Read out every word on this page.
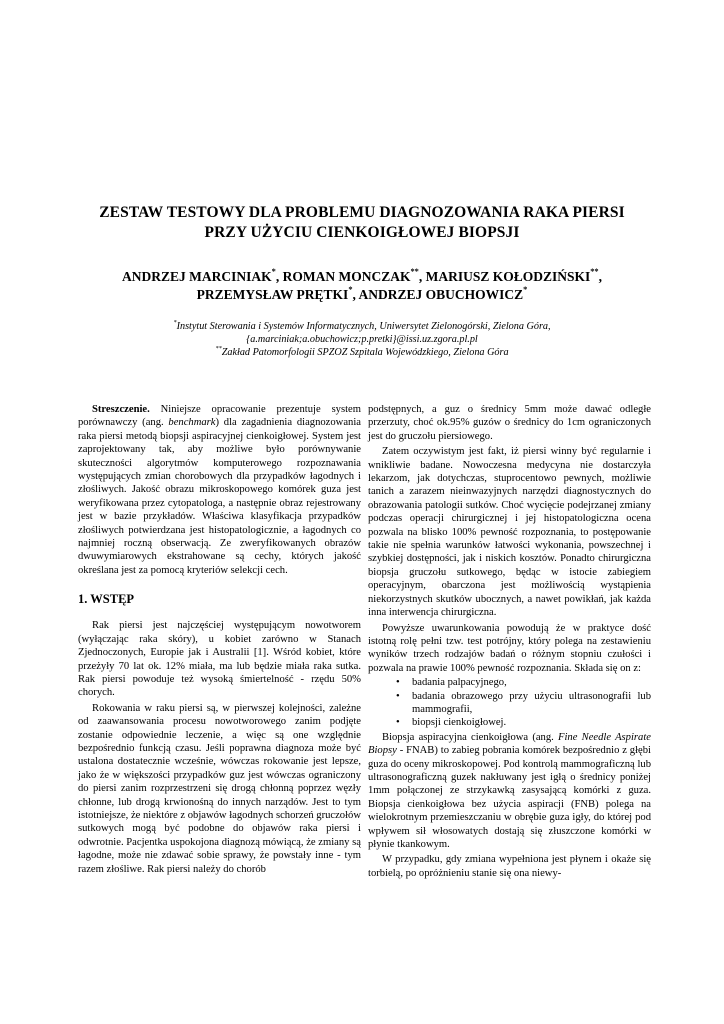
ZESTAW TESTOWY DLA PROBLEMU DIAGNOZOWANIA RAKA PIERSI
PRZY UŻYCIU CIENKOIGŁOWEJ BIOPSJI
ANDRZEJ MARCINIAK*, ROMAN MONCZAK**, MARIUSZ KOŁODZIŃSKI**,
PRZEMYSŁAW PRĘTKI*, ANDRZEJ OBUCHOWICZ*
*Instytut Sterowania i Systemów Informatycznych, Uniwersytet Zielonogórski, Zielona Góra,
{a.marciniak;a.obuchowicz;p.pretki}@issi.uz.zgora.pl.pl
**Zakład Patomorfologii SPZOZ Szpitala Wojewódzkiego, Zielona Góra

Streszczenie. Niniejsze opracowanie prezentuje system porównawczy (ang. benchmark) dla zagadnienia diagnozowania raka piersi metodą biopsji aspiracyjnej cienkoigłowej. System jest zaprojektowany tak, aby możliwe było porównywanie skuteczności algorytmów komputerowego rozpoznawania występujących zmian chorobowych dla przypadków łagodnych i złośliwych. Jakość obrazu mikroskopowego komórek guza jest weryfikowana przez cytopatologa, a następnie obraz rejestrowany jest w bazie przykładów. Właściwa klasyfikacja przypadków złośliwych potwierdzana jest histopatologicznie, a łagodnych co najmniej roczną obserwacją. Ze zweryfikowanych obrazów dwuwymiarowych ekstrahowane są cechy, których jakość określana jest za pomocą kryteriów selekcji cech.

1. WSTĘP

Rak piersi jest najczęściej występującym nowotworem (wyłączając raka skóry), u kobiet zarówno w Stanach Zjednoczonych, Europie jak i Australii [1]. Wśród kobiet, które przeżyły 70 lat ok. 12% miała, ma lub będzie miała raka sutka. Rak piersi powoduje też wysoką śmiertelność - rzędu 50% chorych.

Rokowania w raku piersi są, w pierwszej kolejności, zależne od zaawansowania procesu nowotworowego zanim podjęte zostanie odpowiednie leczenie, a więc są one względnie bezpośrednio funkcją czasu. Jeśli poprawna diagnoza może być ustalona dostatecznie wcześnie, wówczas rokowanie jest lepsze, jako że w większości przypadków guz jest wówczas ograniczony do piersi zanim rozprzestrzeni się drogą chłonną poprzez węzły chłonne, lub drogą krwionośną do innych narządów. Jest to tym istotniejsze, że niektóre z objawów łagodnych schorzeń gruczołów sutkowych mogą być podobne do objawów raka piersi i odwrotnie. Pacjentka uspokojona diagnozą mówiącą, że zmiany są łagodne, może nie zdawać sobie sprawy, że powstały inne - tym razem złośliwe. Rak piersi należy do chorób

podstępnych, a guz o średnicy 5mm może dawać odległe przerzuty, choć ok.95% guzów o średnicy do 1cm ograniczonych jest do gruczołu piersiowego.

Zatem oczywistym jest fakt, iż piersi winny być regularnie i wnikliwie badane. Nowoczesna medycyna nie dostarczyła lekarzom, jak dotychczas, stuprocentowo pewnych, możliwie tanich a zarazem nieinwazyjnych narzędzi diagnostycznych do obrazowania patologii sutków. Choć wycięcie podejrzanej zmiany podczas operacji chirurgicznej i jej histopatologiczna ocena pozwala na blisko 100% pewność rozpoznania, to postępowanie takie nie spełnia warunków łatwości wykonania, powszechnej i szybkiej dostępności, jak i niskich kosztów. Ponadto chirurgiczna biopsja gruczołu sutkowego, będąc w istocie zabiegiem operacyjnym, obarczona jest możliwością wystąpienia niekorzystnych skutków ubocznych, a nawet powikłań, jak każda inna interwencja chirurgiczna.

Powyższe uwarunkowania powodują że w praktyce dość istotną rolę pełni tzw. test potrójny, który polega na zestawieniu wyników trzech rodzajów badań o różnym stopniu czułości i pozwala na prawie 100% pewność rozpoznania. Składa się on z:

• badania palpacyjnego,
• badania obrazowego przy użyciu ultrasonografii lub mammografii,
• biopsji cienkoigłowej.

Biopsja aspiracyjna cienkoigłowa (ang. Fine Needle Aspirate Biopsy - FNAB) to zabieg pobrania komórek bezpośrednio z głębi guza do oceny mikroskopowej. Pod kontrolą mammograficzną lub ultrasonograficzną guzek nakłuwany jest igłą o średnicy poniżej 1mm połączonej ze strzykawką zasysającą komórki z guza. Biopsja cienkoigłowa bez użycia aspiracji (FNB) polega na wielokrotnym przemieszczaniu w obrębie guza igły, do której pod wpływem sił włosowatych dostają się złuszczone komórki w płynie tkankowym.

W przypadku, gdy zmiana wypełniona jest płynem i okaże się torbielą, po opróżnieniu stanie się ona niewy-
